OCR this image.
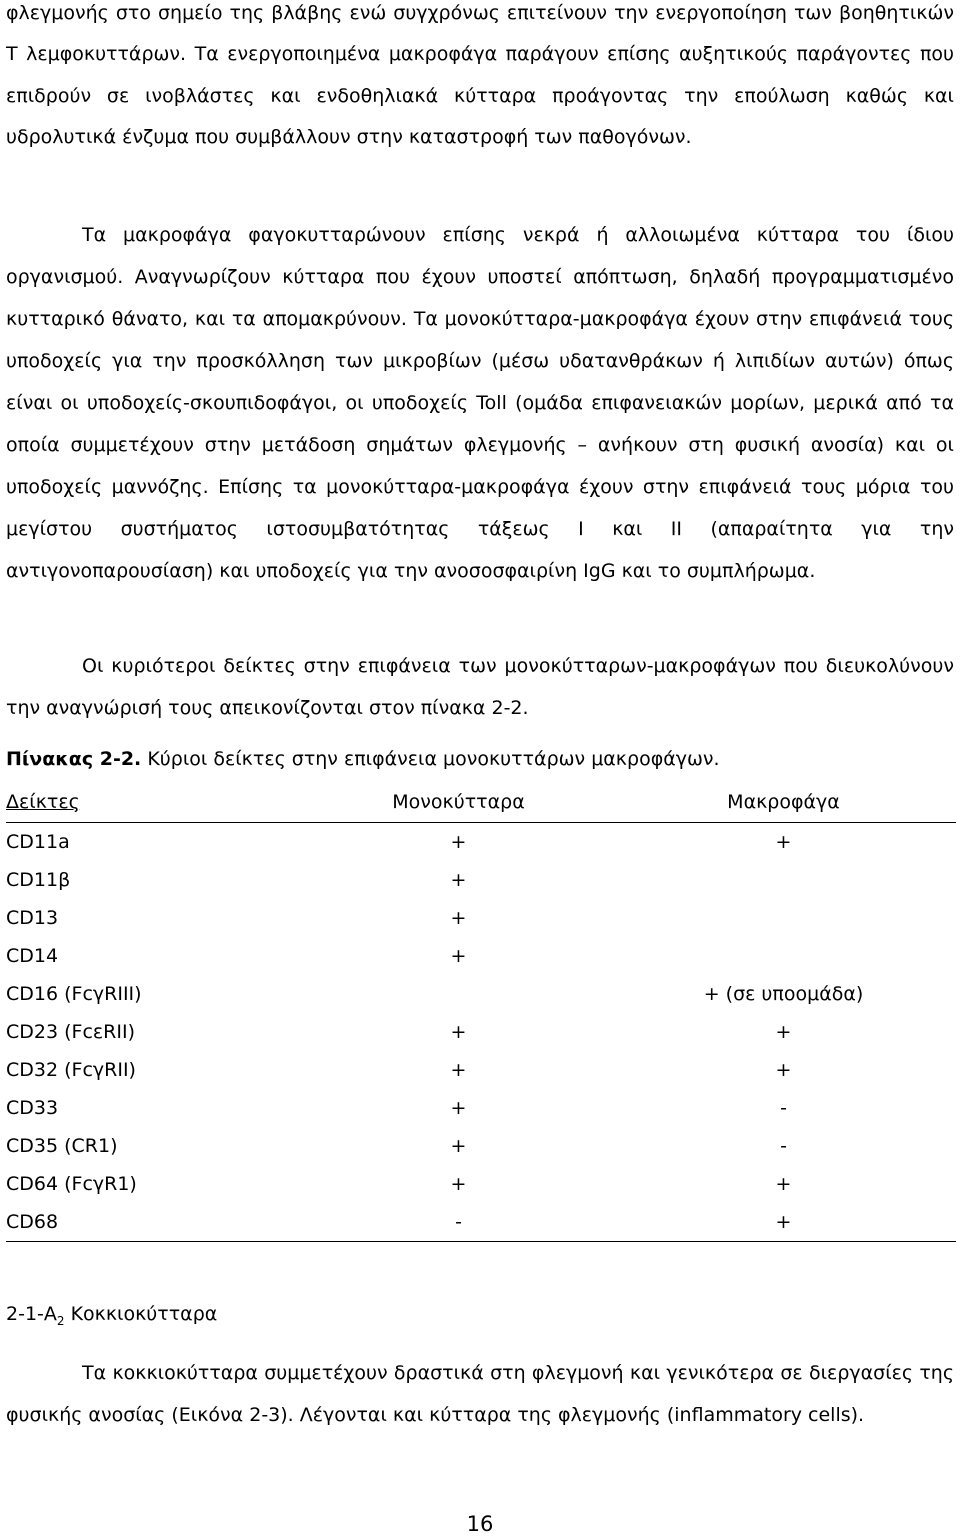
φλεγμονής στο σημείο της βλάβης ενώ συγχρόνως επιτείνουν την ενεργοποίηση των βοηθητικών Τ λεμφοκυττάρων. Τα ενεργοποιημένα μακροφάγα παράγουν επίσης αυξητικούς παράγοντες που επιδρούν σε ινοβλάστες και ενδοθηλιακά κύτταρα προάγοντας την επούλωση καθώς και υδρολυτικά ένζυμα που συμβάλλουν στην καταστροφή των παθογόνων.

Τα μακροφάγα φαγοκυτταρώνουν επίσης νεκρά ή αλλοιωμένα κύτταρα του ίδιου οργανισμού. Αναγνωρίζουν κύτταρα που έχουν υποστεί απόπτωση, δηλαδή προγραμματισμένο κυτταρικό θάνατο, και τα απομακρύνουν. Τα μονοκύτταρα-μακροφάγα έχουν στην επιφάνειά τους υποδοχείς για την προσκόλληση των μικροβίων (μέσω υδατανθράκων ή λιπιδίων αυτών) όπως είναι οι υποδοχείς-σκουπιδοφάγοι, οι υποδοχείς Toll (ομάδα επιφανειακών μορίων, μερικά από τα οποία συμμετέχουν στην μετάδοση σημάτων φλεγμονής – ανήκουν στη φυσική ανοσία) και οι υποδοχείς μαννόζης. Επίσης τα μονοκύτταρα-μακροφάγα έχουν στην επιφάνειά τους μόρια του μεγίστου συστήματος ιστοσυμβατότητας τάξεως Ι και ΙΙ (απαραίτητα για την αντιγονοπαρουσίαση) και υποδοχείς για την ανοσοσφαιρίνη IgG και το συμπλήρωμα.

Οι κυριότεροι δείκτες στην επιφάνεια των μονοκύτταρων-μακροφάγων που διευκολύνουν την αναγνώρισή τους απεικονίζονται στον πίνακα 2-2.

Πίνακας 2-2. Κύριοι δείκτες στην επιφάνεια μονοκυττάρων μακροφάγων.

Δείκτες	Μονοκύτταρα	Μακροφάγα
CD11a	+	+
CD11β	+	
CD13	+	
CD14	+	
CD16 (FcγRIII)		+ (σε υποομάδα)
CD23 (FcεRII)	+	+
CD32 (FcγRII)	+	+
CD33	+	-
CD35 (CR1)	+	-
CD64 (FcγR1)	+	+
CD68	-	+

$2-1-A_2$ Κοκκιοκύτταρα

Τα κοκκιοκύτταρα συμμετέχουν δραστικά στη φλεγμονή και γενικότερα σε διεργασίες της φυσικής ανοσίας (Εικόνα 2-3). Λέγονται και κύτταρα της φλεγμονής (inflammatory cells).

16
